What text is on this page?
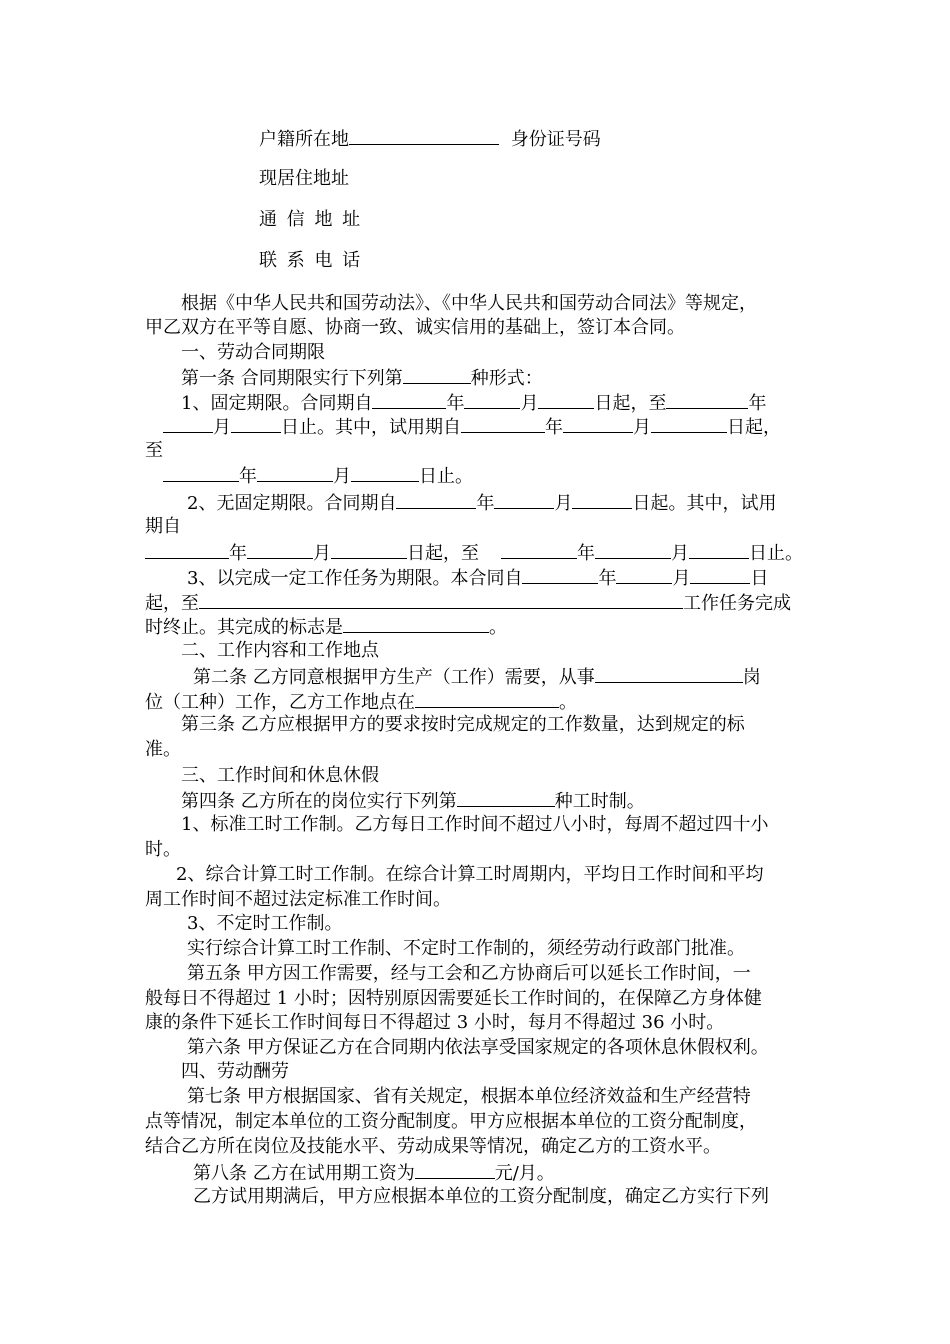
户籍所在地	身份证号码
现居住地址
通 信 地 址
联 系 电 话
根据《中华人民共和国劳动法》、《中华人民共和国劳动合同法》等规定，
甲乙双方在平等自愿、协商一致、诚实信用的基础上，签订本合同。
一、劳动合同期限
第一条 合同期限实行下列第	种形式：
1、固定期限。合同期自	年	月	日起，至	年
月	日止。其中，试用期自	年	月	日起，
至
年	月	日止。
2、无固定期限。合同期自	年	月	日起。其中，试用
期自
年	月	日起，至	年	月	日止。
3、以完成一定工作任务为期限。本合同自	年	月	日
起，至	工作任务完成
时终止。其完成的标志是	。
二、工作内容和工作地点
第二条 乙方同意根据甲方生产（工作）需要，从事	岗
位（工种）工作，乙方工作地点在	。
第三条 乙方应根据甲方的要求按时完成规定的工作数量，达到规定的标
准。
三、工作时间和休息休假
第四条 乙方所在的岗位实行下列第	种工时制。
1、标准工时工作制。乙方每日工作时间不超过八小时，每周不超过四十小
时。
2、综合计算工时工作制。在综合计算工时周期内，平均日工作时间和平均
周工作时间不超过法定标准工作时间。
3、不定时工作制。
实行综合计算工时工作制、不定时工作制的，须经劳动行政部门批准。
第五条 甲方因工作需要，经与工会和乙方协商后可以延长工作时间，一
般每日不得超过 1 小时；因特别原因需要延长工作时间的，在保障乙方身体健
康的条件下延长工作时间每日不得超过 3 小时，每月不得超过 36 小时。
第六条 甲方保证乙方在合同期内依法享受国家规定的各项休息休假权利。
四、劳动酬劳
第七条 甲方根据国家、省有关规定，根据本单位经济效益和生产经营特
点等情况，制定本单位的工资分配制度。甲方应根据本单位的工资分配制度，
结合乙方所在岗位及技能水平、劳动成果等情况，确定乙方的工资水平。
第八条 乙方在试用期工资为	元/月。
乙方试用期满后，甲方应根据本单位的工资分配制度，确定乙方实行下列
